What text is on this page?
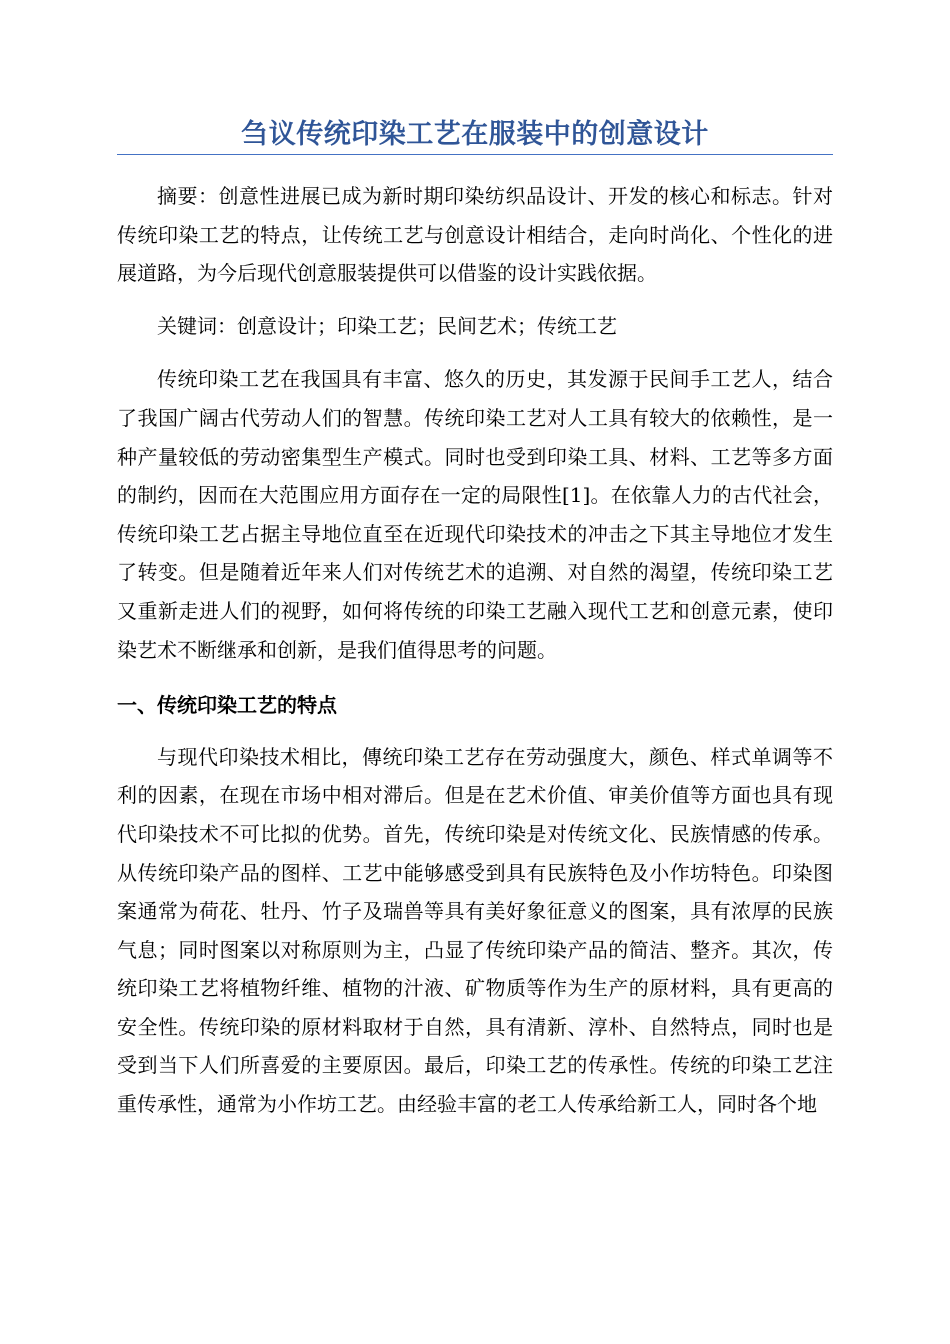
刍议传统印染工艺在服装中的创意设计

摘要：创意性进展已成为新时期印染纺织品设计、开发的核心和标志。针对传统印染工艺的特点，让传统工艺与创意设计相结合，走向时尚化、个性化的进展道路，为今后现代创意服装提供可以借鉴的设计实践依据。

关键词：创意设计；印染工艺；民间艺术；传统工艺

传统印染工艺在我国具有丰富、悠久的历史，其发源于民间手工艺人，结合了我国广阔古代劳动人们的智慧。传统印染工艺对人工具有较大的依赖性，是一种产量较低的劳动密集型生产模式。同时也受到印染工具、材料、工艺等多方面的制约，因而在大范围应用方面存在一定的局限性[1]。在依靠人力的古代社会，传统印染工艺占据主导地位直至在近现代印染技术的冲击之下其主导地位才发生了转变。但是随着近年来人们对传统艺术的追溯、对自然的渴望，传统印染工艺又重新走进人们的视野，如何将传统的印染工艺融入现代工艺和创意元素，使印染艺术不断继承和创新，是我们值得思考的问题。

一、传统印染工艺的特点

与现代印染技术相比，傳统印染工艺存在劳动强度大，颜色、样式单调等不利的因素，在现在市场中相对滞后。但是在艺术价值、审美价值等方面也具有现代印染技术不可比拟的优势。首先，传统印染是对传统文化、民族情感的传承。从传统印染产品的图样、工艺中能够感受到具有民族特色及小作坊特色。印染图案通常为荷花、牡丹、竹子及瑞兽等具有美好象征意义的图案，具有浓厚的民族气息；同时图案以对称原则为主，凸显了传统印染产品的简洁、整齐。其次，传统印染工艺将植物纤维、植物的汁液、矿物质等作为生产的原材料，具有更高的安全性。传统印染的原材料取材于自然，具有清新、淳朴、自然特点，同时也是受到当下人们所喜爱的主要原因。最后，印染工艺的传承性。传统的印染工艺注重传承性，通常为小作坊工艺。由经验丰富的老工人传承给新工人，同时各个地
